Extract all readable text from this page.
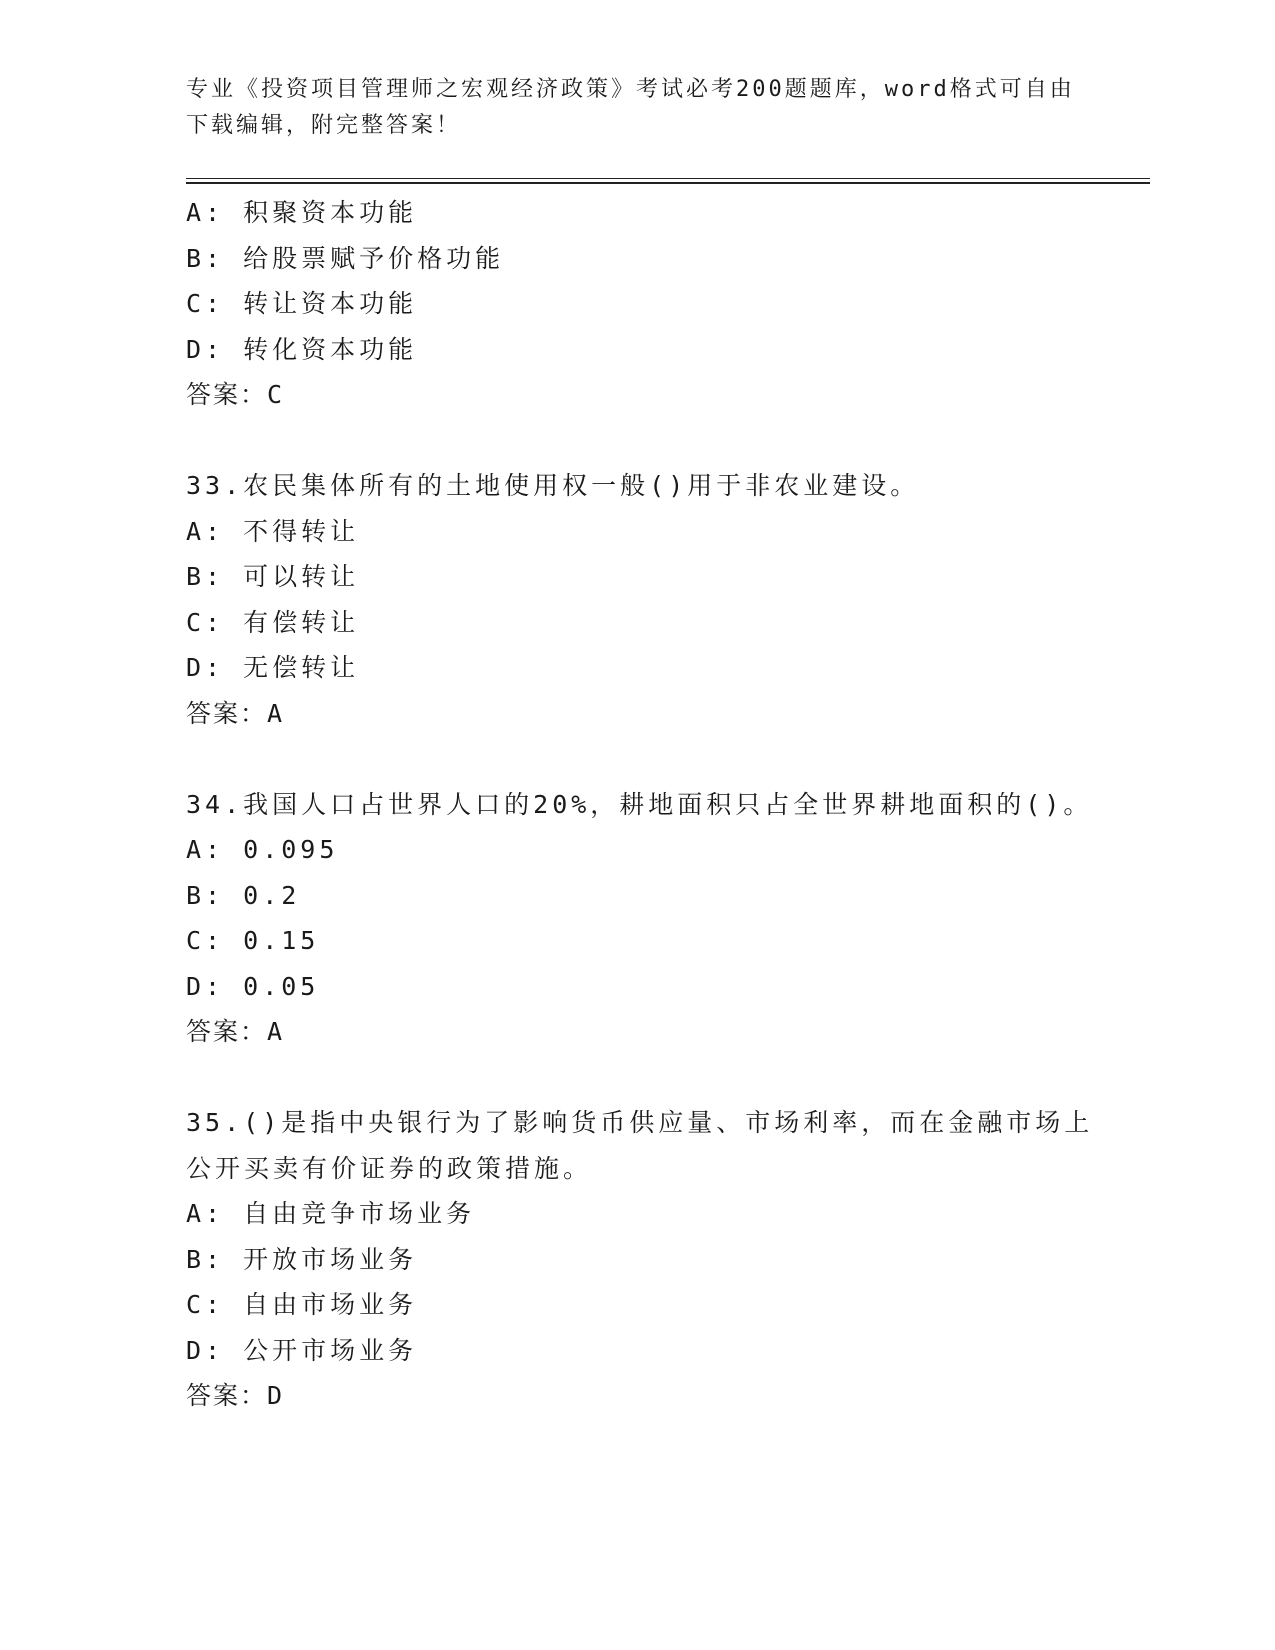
专业《投资项目管理师之宏观经济政策》考试必考200题题库，word格式可自由
下载编辑，附完整答案！
A: 积聚资本功能
B: 给股票赋予价格功能
C: 转让资本功能
D: 转化资本功能
答案：C
33.农民集体所有的土地使用权一般()用于非农业建设。
A: 不得转让
B: 可以转让
C: 有偿转让
D: 无偿转让
答案：A
34.我国人口占世界人口的20%，耕地面积只占全世界耕地面积的()。
A: 0.095
B: 0.2
C: 0.15
D: 0.05
答案：A
35.()是指中央银行为了影响货币供应量、市场利率，而在金融市场上
公开买卖有价证券的政策措施。
A: 自由竞争市场业务
B: 开放市场业务
C: 自由市场业务
D: 公开市场业务
答案：D
